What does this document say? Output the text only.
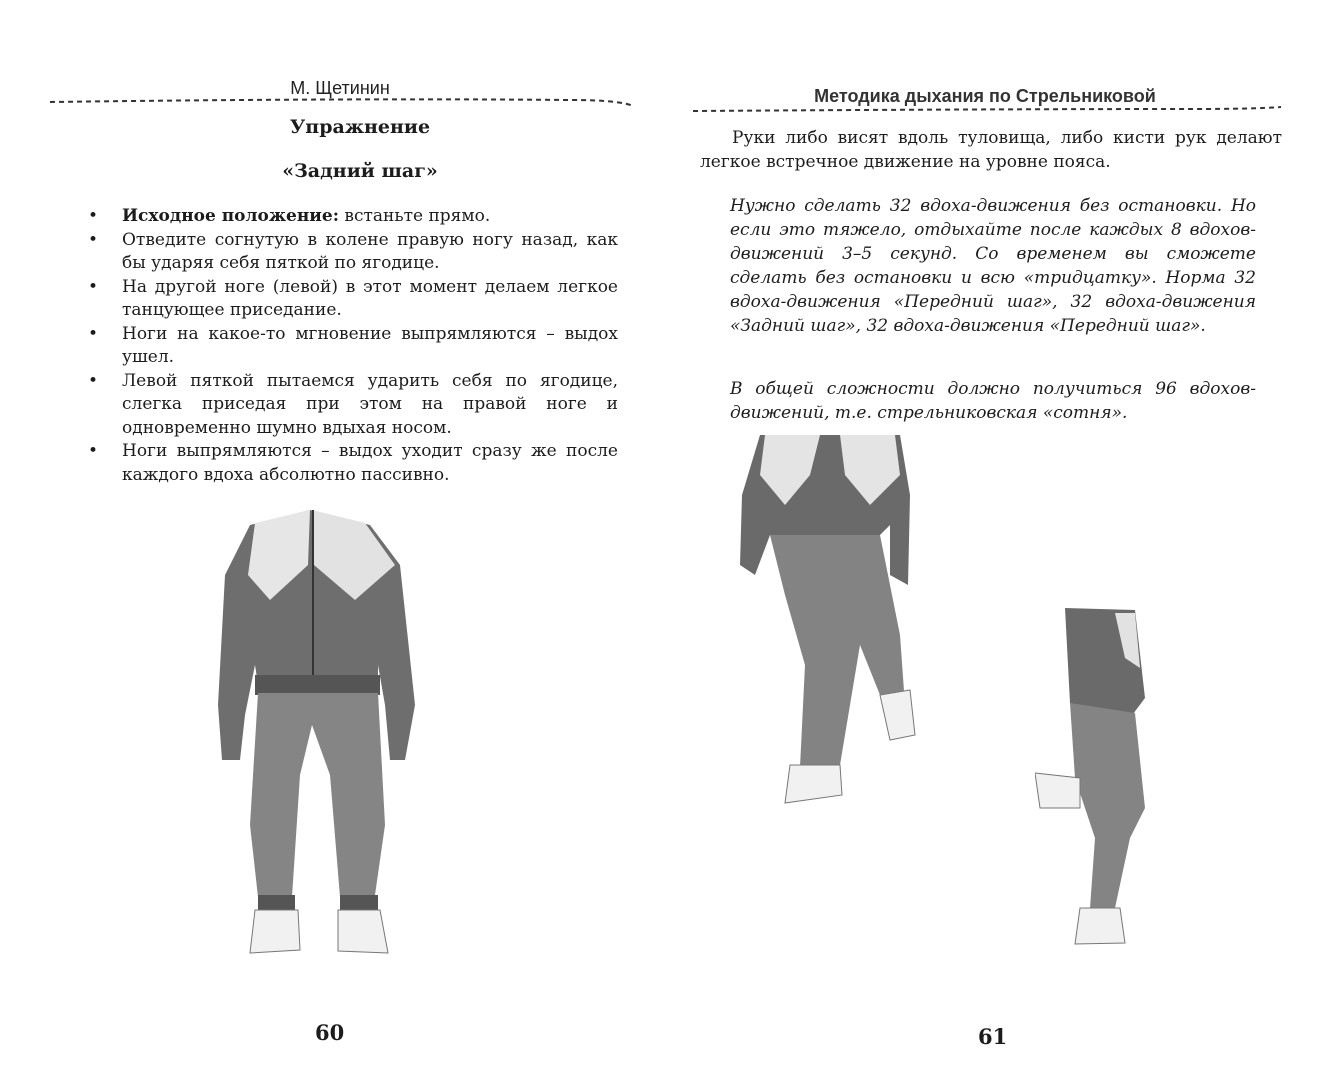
М. Щетинин
Упражнение
«Задний шаг»
• Исходное положение: встаньте прямо.
• Отведите согнутую в колене правую ногу назад, как бы ударяя себя пяткой по ягодице.
• На другой ноге (левой) в этот момент делаем легкое танцующее приседание.
• Ноги на какое-то мгновение выпрямляются – выдох ушел.
• Левой пяткой пытаемся ударить себя по ягодице, слегка приседая при этом на правой ноге и одновременно шумно вдыхая носом.
• Ноги выпрямляются – выдох уходит сразу же после каждого вдоха абсолютно пассивно.
60
Методика дыхания по Стрельниковой
Руки либо висят вдоль туловища, либо кисти рук делают легкое встречное движение на уровне пояса.
Нужно сделать 32 вдоха-движения без остановки. Но если это тяжело, отдыхайте после каждых 8 вдохов-движений 3–5 секунд. Со временем вы сможете сделать без остановки и всю «тридцатку». Норма 32 вдоха-движения «Передний шаг», 32 вдоха-движения «Задний шаг», 32 вдоха-движения «Передний шаг».
В общей сложности должно получиться 96 вдохов-движений, т.е. стрельниковская «сотня».
61
